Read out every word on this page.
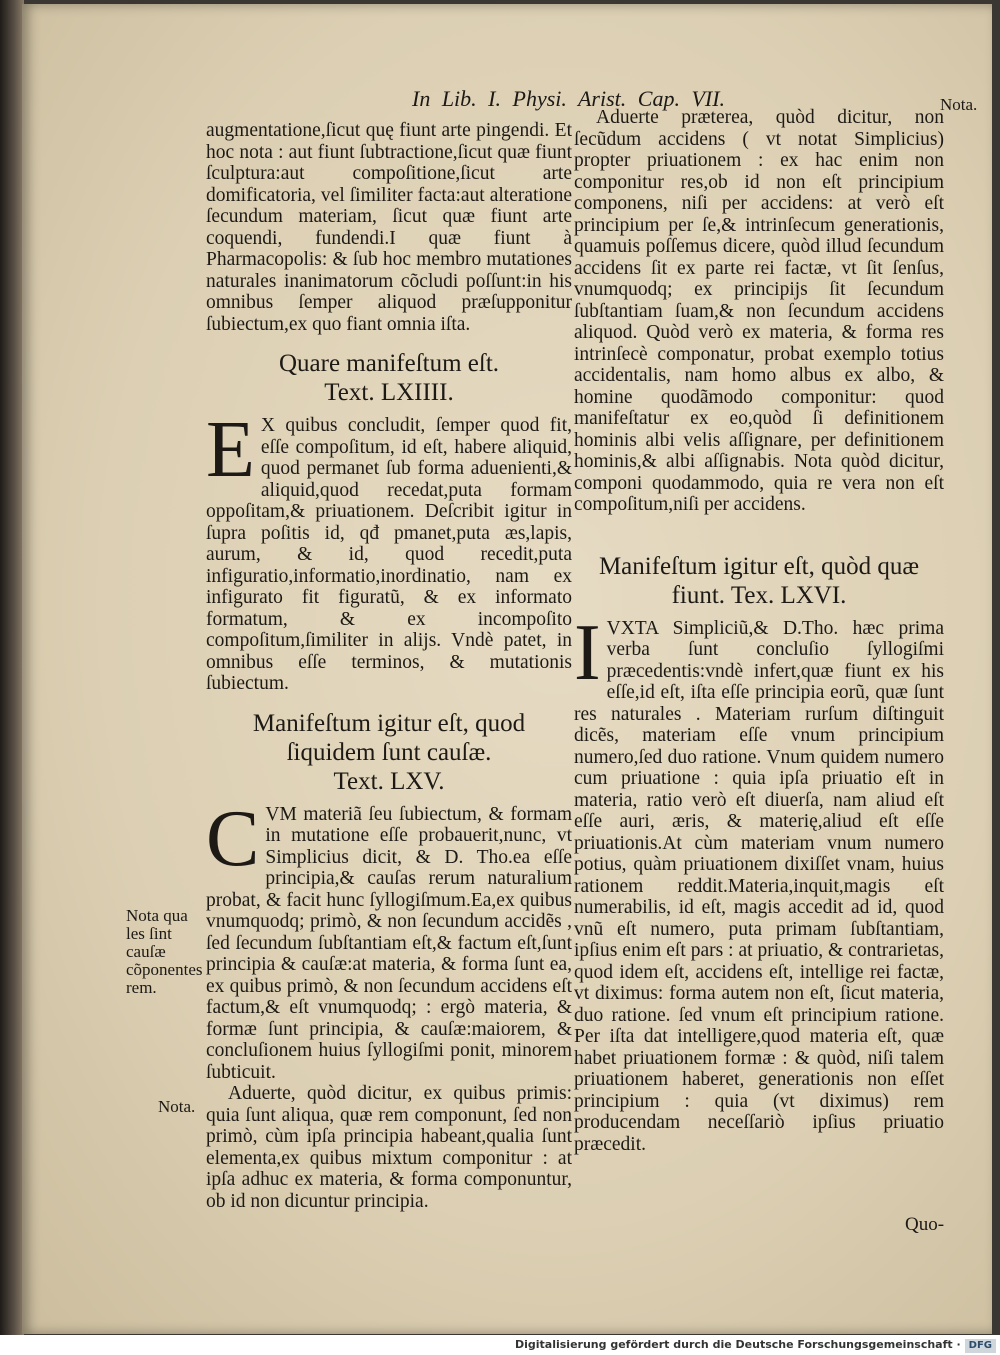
In Lib. I. Physi. Arist. Cap. VII.	Nota.
Nota qua les ſint cauſæ cõponentes rem.
Nota.

augmentatione,ſicut quę fiunt arte pingendi. Et hoc nota : aut fiunt ſubtractione,ſicut quæ fiunt ſculptura:aut compoſitione,ſicut arte domificatoria, vel ſimiliter facta:aut alteratione ſecundum materiam, ſicut quæ fiunt arte coquendi, fundendi.I quæ fiunt à Pharmacopolis: & ſub hoc membro mutationes naturales inanimatorum cõcludi poſſunt:in his omnibus ſemper aliquod præſupponitur ſubiectum,ex quo fiant omnia iſta.

Quare manifeſtum eſt.
Text. LXIIII.

E X quibus concludit, ſemper quod fit, eſſe compoſitum, id eſt, habere aliquid, quod permanet ſub forma aduenienti,& aliquid,quod recedat,puta formam oppoſitam,& priuationem. Deſcribit igitur in ſupra poſitis id, qđ pmanet,puta æs,lapis, aurum, & id, quod recedit,puta infiguratio,informatio,inordinatio, nam ex infigurato fit figuratũ, & ex informato formatum, & ex incompoſito compoſitum,ſimiliter in alijs. Vndè patet, in omnibus eſſe terminos, & mutationis ſubiectum.

Manifeſtum igitur eſt, quod ſiquidem ſunt cauſæ.
Text. LXV.

CVM materiã ſeu ſubiectum, & formam in mutatione eſſe probauerit,nunc, vt Simplicius dicit, & D. Tho.ea eſſe principia,& cauſas rerum naturalium probat, & facit hunc ſyllogiſmum.Ea,ex quibus vnumquodq; primò, & non ſecundum accidẽs , ſed ſecundum ſubſtantiam eſt,& factum eſt,ſunt principia & cauſæ:at materia, & forma ſunt ea, ex quibus primò, & non ſecundum accidens eſt factum,& eſt vnumquodq; : ergò materia, & formæ ſunt principia, & cauſæ:maiorem, & concluſionem huius ſyllogiſmi ponit, minorem ſubticuit.

Aduerte, quòd dicitur, ex quibus primis: quia ſunt aliqua, quæ rem componunt, ſed non primò, cùm ipſa principia habeant,qualia ſunt elementa,ex quibus mixtum componitur : at ipſa adhuc ex materia, & forma componuntur, ob id non dicuntur principia.

Aduerte præterea, quòd dicitur, non ſecũdum accidens ( vt notat Simplicius) propter priuationem : ex hac enim non componitur res,ob id non eſt principium componens, niſi per accidens: at verò eſt principium per ſe,& intrinſecum generationis, quamuis poſſemus dicere, quòd illud ſecundum accidens ſit ex parte rei factæ, vt ſit ſenſus, vnumquodq; ex principijs ſit ſecundum ſubſtantiam ſuam,& non ſecundum accidens aliquod. Quòd verò ex materia, & forma res intrinſecè componatur, probat exemplo totius accidentalis, nam homo albus ex albo, & homine quodãmodo componitur: quod manifeſtatur ex eo,quòd ſi definitionem hominis albi velis aſſignare, per definitionem hominis,& albi aſſignabis. Nota quòd dicitur, componi quodammodo, quia re vera non eſt compoſitum,niſi per accidens.

Manifeſtum igitur eſt, quòd quæ
fiunt. Tex. LXVI.

IVXTA Simpliciũ,& D.Tho. hæc prima verba ſunt concluſio ſyllogiſmi præcedentis:vndè infert,quæ fiunt ex his eſſe,id eſt, iſta eſſe principia eorũ, quæ ſunt res naturales . Materiam rurſum diſtinguit dicẽs, materiam eſſe vnum principium numero,ſed duo ratione. Vnum quidem numero cum priuatione : quia ipſa priuatio eſt in materia, ratio verò eſt diuerſa, nam aliud eſt eſſe auri, æris, & materię,aliud eſt eſſe priuationis.At cùm materiam vnum numero potius, quàm priuationem dixiſſet vnam, huius rationem reddit.Materia,inquit,magis eſt numerabilis, id eſt, magis accedit ad id, quod vnũ eſt numero, puta primam ſubſtantiam, ipſius enim eſt pars : at priuatio, & contrarietas, quod idem eſt, accidens eſt, intellige rei factæ, vt diximus: forma autem non eſt, ſicut materia, duo ratione. ſed vnum eſt principium ratione. Per iſta dat intelligere,quod materia eſt, quæ habet priuationem formæ : & quòd, niſi talem priuationem haberet, generationis non eſſet principium : quia (vt diximus) rem producendam neceſſariò ipſius priuatio præcedit.

Quo-
Digitalisierung gefördert durch die Deutsche Forschungsgemeinschaft · DFG
